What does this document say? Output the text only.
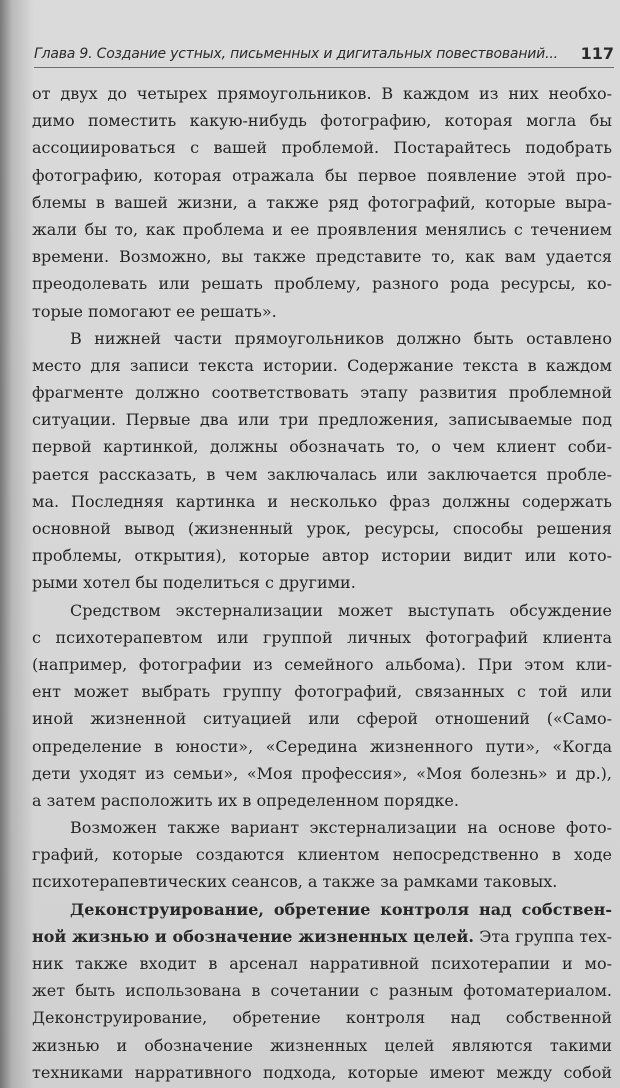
Глава 9. Создание устных, письменных и дигитальных повествований... 117
от двух до четырех прямоугольников. В каждом из них необхо-
димо поместить какую-нибудь фотографию, которая могла бы
ассоциироваться с вашей проблемой. Постарайтесь подобрать
фотографию, которая отражала бы первое появление этой про-
блемы в вашей жизни, а также ряд фотографий, которые выра-
жали бы то, как проблема и ее проявления менялись с течением
времени. Возможно, вы также представите то, как вам удается
преодолевать или решать проблему, разного рода ресурсы, ко-
торые помогают ее решать».
В нижней части прямоугольников должно быть оставлено
место для записи текста истории. Содержание текста в каждом
фрагменте должно соответствовать этапу развития проблемной
ситуации. Первые два или три предложения, записываемые под
первой картинкой, должны обозначать то, о чем клиент соби-
рается рассказать, в чем заключалась или заключается пробле-
ма. Последняя картинка и несколько фраз должны содержать
основной вывод (жизненный урок, ресурсы, способы решения
проблемы, открытия), которые автор истории видит или кото-
рыми хотел бы поделиться с другими.
Средством экстернализации может выступать обсуждение
с психотерапевтом или группой личных фотографий клиента
(например, фотографии из семейного альбома). При этом кли-
ент может выбрать группу фотографий, связанных с той или
иной жизненной ситуацией или сферой отношений («Само-
определение в юности», «Середина жизненного пути», «Когда
дети уходят из семьи», «Моя профессия», «Моя болезнь» и др.),
а затем расположить их в определенном порядке.
Возможен также вариант экстернализации на основе фото-
графий, которые создаются клиентом непосредственно в ходе
психотерапевтических сеансов, а также за рамками таковых.
Деконструирование, обретение контроля над собствен-
ной жизнью и обозначение жизненных целей. Эта группа тех-
ник также входит в арсенал нарративной психотерапии и мо-
жет быть использована в сочетании с разным фотоматериалом.
Деконструирование, обретение контроля над собственной
жизнью и обозначение жизненных целей являются такими
техниками нарративного подхода, которые имеют между собой
